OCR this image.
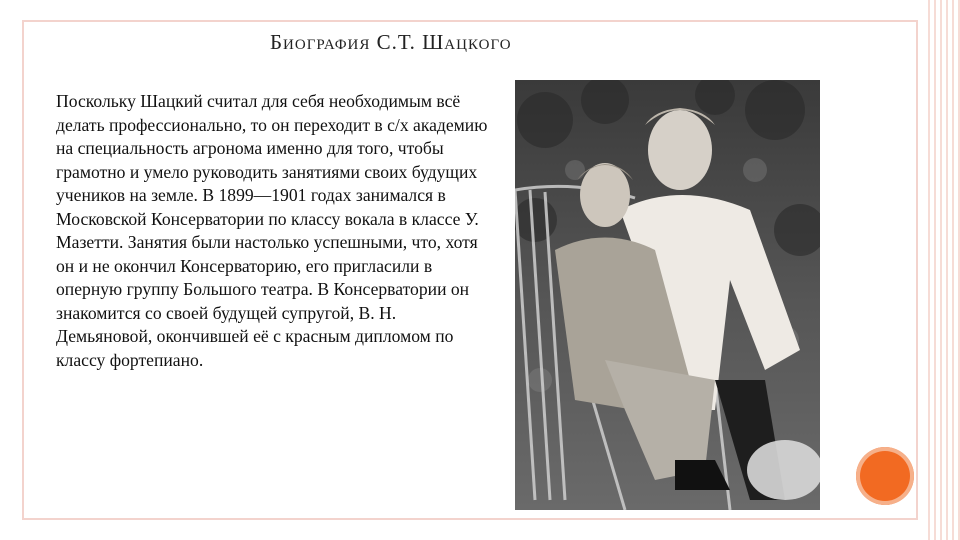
Биография С.Т. Шацкого
Поскольку Шацкий считал для себя необходимым всё делать профессионально, то он переходит в с/х академию на специальность агронома именно для того, чтобы грамотно и умело руководить занятиями своих будущих учеников на земле. В 1899—1901 годах занимался в Московской Консерватории по классу вокала в классе У. Мазетти. Занятия были настолько успешными, что, хотя он и не окончил Консерваторию, его пригласили в оперную группу Большого театра. В Консерватории он знакомится со своей будущей супругой, В. Н. Демьяновой, окончившей её с красным дипломом по классу фортепиано.
